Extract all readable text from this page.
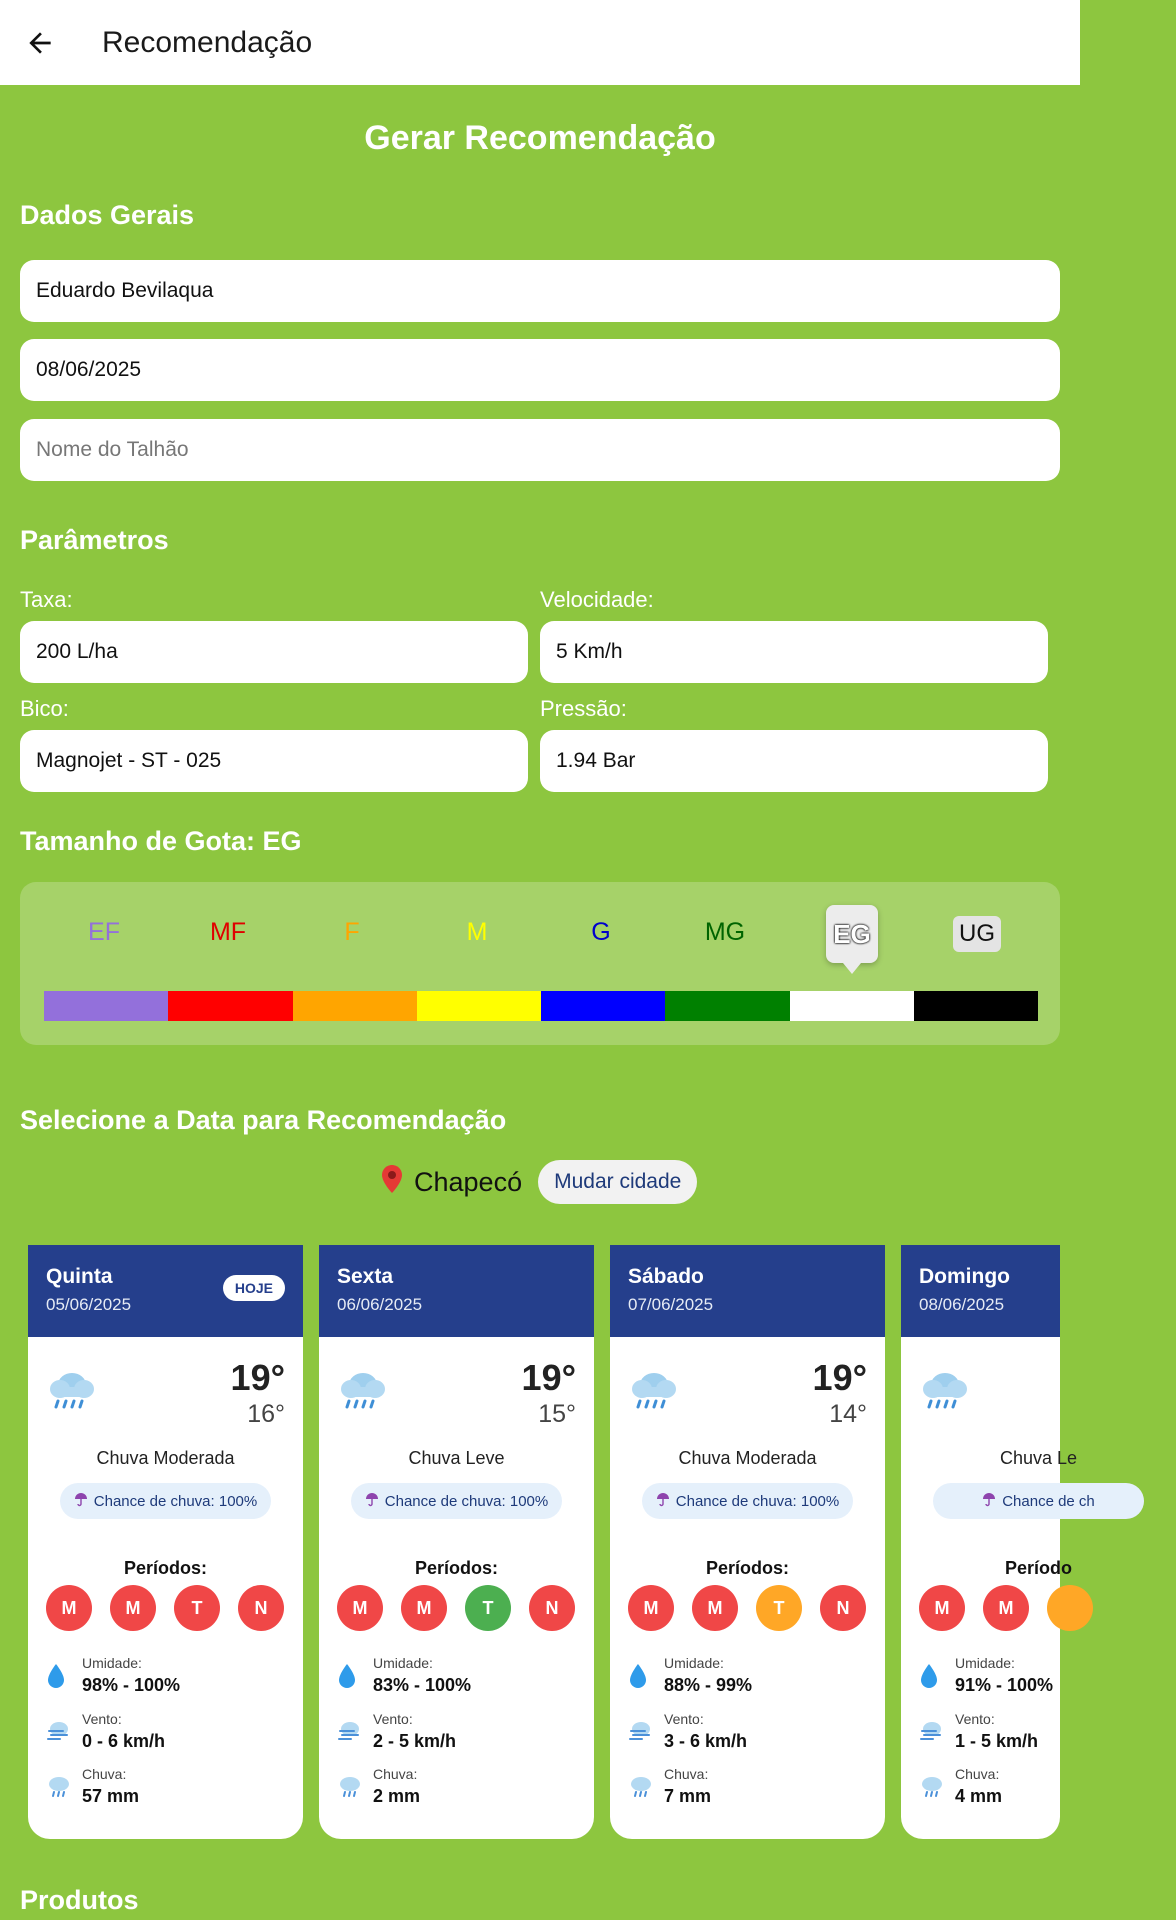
Recomendação
Gerar Recomendação
Dados Gerais
Eduardo Bevilaqua
08/06/2025
Nome do Talhão
Parâmetros
Taxa:	Velocidade:
200 L/ha	5 Km/h
Bico:	Pressão:
Magnojet - ST - 025	1.94 Bar
Tamanho de Gota: EG
EF	MF	F	M	G	MG	EG	UG
Selecione a Data para Recomendação
Chapecó	Mudar cidade
Quinta
05/06/2025
HOJE
19°
16°
Chuva Moderada
Chance de chuva: 100%
Períodos:
M	M	T	N
Umidade:
98% - 100%
Vento:
0 - 6 km/h
Chuva:
57 mm
Sexta
06/06/2025
19°
15°
Chuva Leve
Chance de chuva: 100%
Períodos:
M	M	T	N
Umidade:
83% - 100%
Vento:
2 - 5 km/h
Chuva:
2 mm
Sábado
07/06/2025
19°
14°
Chuva Moderada
Chance de chuva: 100%
Períodos:
M	M	T	N
Umidade:
88% - 99%
Vento:
3 - 6 km/h
Chuva:
7 mm
Domingo
08/06/2025
Chuva Le
Chance de ch
Período
M	M
Umidade:
91% - 100%
Vento:
1 - 5 km/h
Chuva:
4 mm
Produtos
